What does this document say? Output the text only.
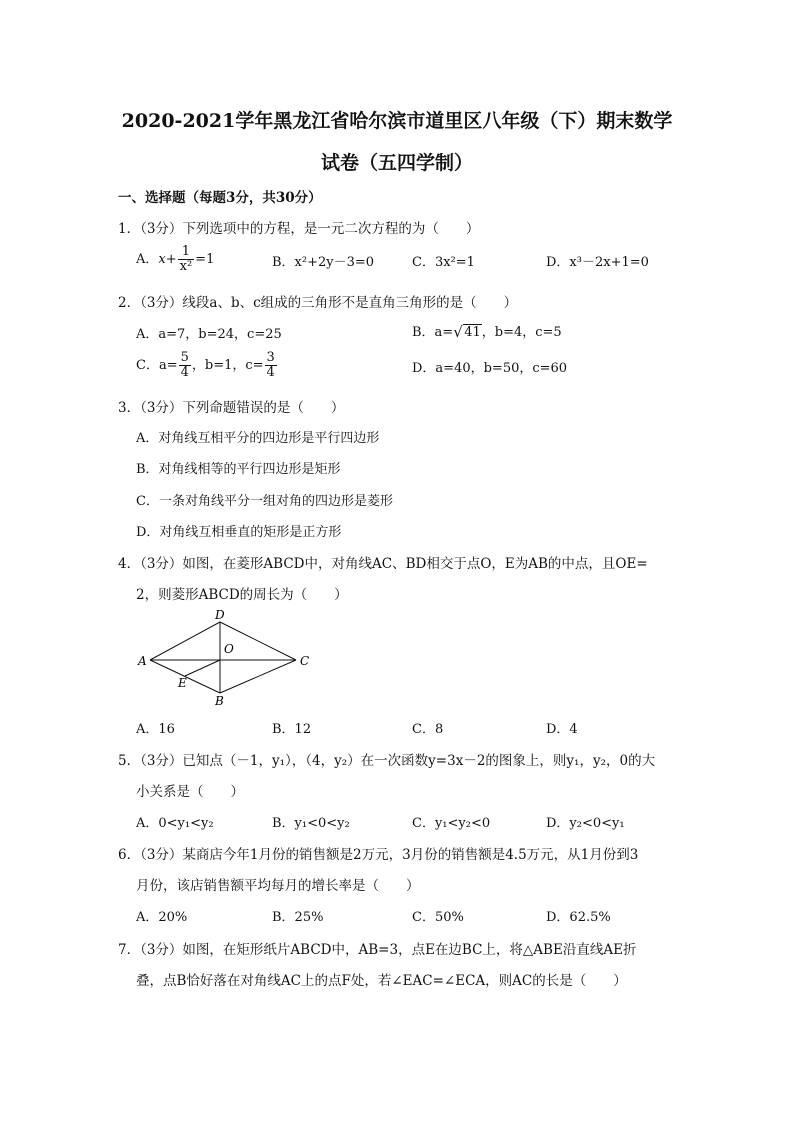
2020-2021学年黑龙江省哈尔滨市道里区八年级（下）期末数学
试卷（五四学制）
一、选择题（每题3分，共30分）
1．（3分）下列选项中的方程，是一元二次方程的为（　　）
A．$x+ \frac{1}{\text{x²}} =1$	B．x²+2y－3=0	C．3x²=1	D．x³－2x+1=0
2．（3分）线段a、b、c组成的三角形不是直角三角形的是（　　）
A．a=7，b=24，c=25	B．a=√ 41，b=4，c=5
C．$a= \frac{5}{4}$ ，b=1，$c= \frac{3}{4}$	D．a=40，b=50，c=60
3．（3分）下列命题错误的是（　　）
A．对角线互相平分的四边形是平行四边形
B．对角线相等的平行四边形是矩形
C．一条对角线平分一组对角的四边形是菱形
D．对角线互相垂直的矩形是正方形
4．（3分）如图，在菱形ABCD中，对角线AC、BD相交于点O，E为AB的中点，且OE=
2，则菱形ABCD的周长为（　　）
A
B
C
D
O
E
A．16	B．12	C．8	D．4
5．（3分）已知点（－1，y₁），（4，y₂）在一次函数y=3x－2的图象上，则y₁，y₂，0的大
小关系是（　　）
A．0<y₁<y₂	B．y₁<0<y₂	C．y₁<y₂<0	D．y₂<0<y₁
6．（3分）某商店今年1月份的销售额是2万元，3月份的销售额是4.5万元，从1月份到3
月份，该店销售额平均每月的增长率是（　　）
A．20%	B．25%	C．50%	D．62.5%
7．（3分）如图，在矩形纸片ABCD中，AB=3，点E在边BC上，将△ABE沿直线AE折
叠，点B恰好落在对角线AC上的点F处，若∠EAC=∠ECA，则AC的长是（　　）
